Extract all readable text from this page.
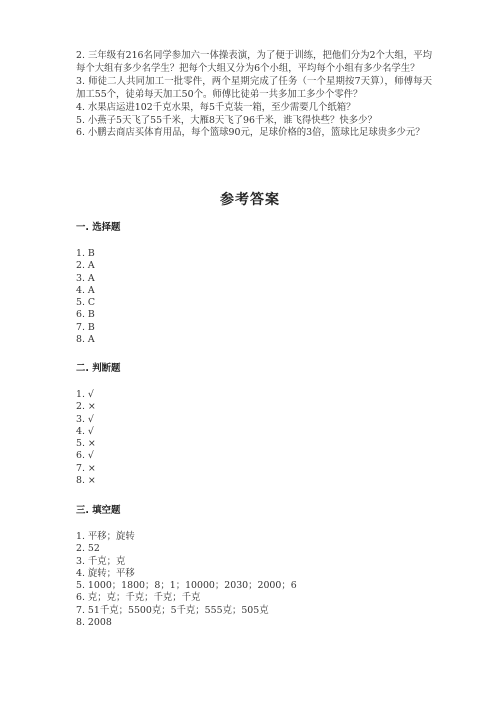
2. 三年级有216名同学参加六一体操表演，为了便于训练，把他们分为2个大组，平均每个大组有多少名学生？把每个大组又分为6个小组，平均每个小组有多少名学生？

3. 师徒二人共同加工一批零件，两个星期完成了任务（一个星期按7天算），师傅每天加工55个，徒弟每天加工50个。师傅比徒弟一共多加工多少个零件？

4. 水果店运进102千克水果，每5千克装一箱，至少需要几个纸箱？

5. 小燕子5天飞了55千米，大雁8天飞了96千米，谁飞得快些？快多少？

6. 小鹏去商店买体育用品，每个篮球90元，足球价格的3倍，篮球比足球贵多少元？

参考答案

一. 选择题

1. B
2. A
3. A
4. A
5. C
6. B
7. B
8. A

二. 判断题

1. √
2. ×
3. √
4. √
5. ×
6. √
7. ×
8. ×

三. 填空题

1. 平移；旋转
2. 52
3. 千克；克
4. 旋转；平移
5. 1000；1800；8；1；10000；2030；2000；6
6. 克；克；千克；千克；千克
7. 51千克；5500克；5千克；555克；505克
8. 2008
